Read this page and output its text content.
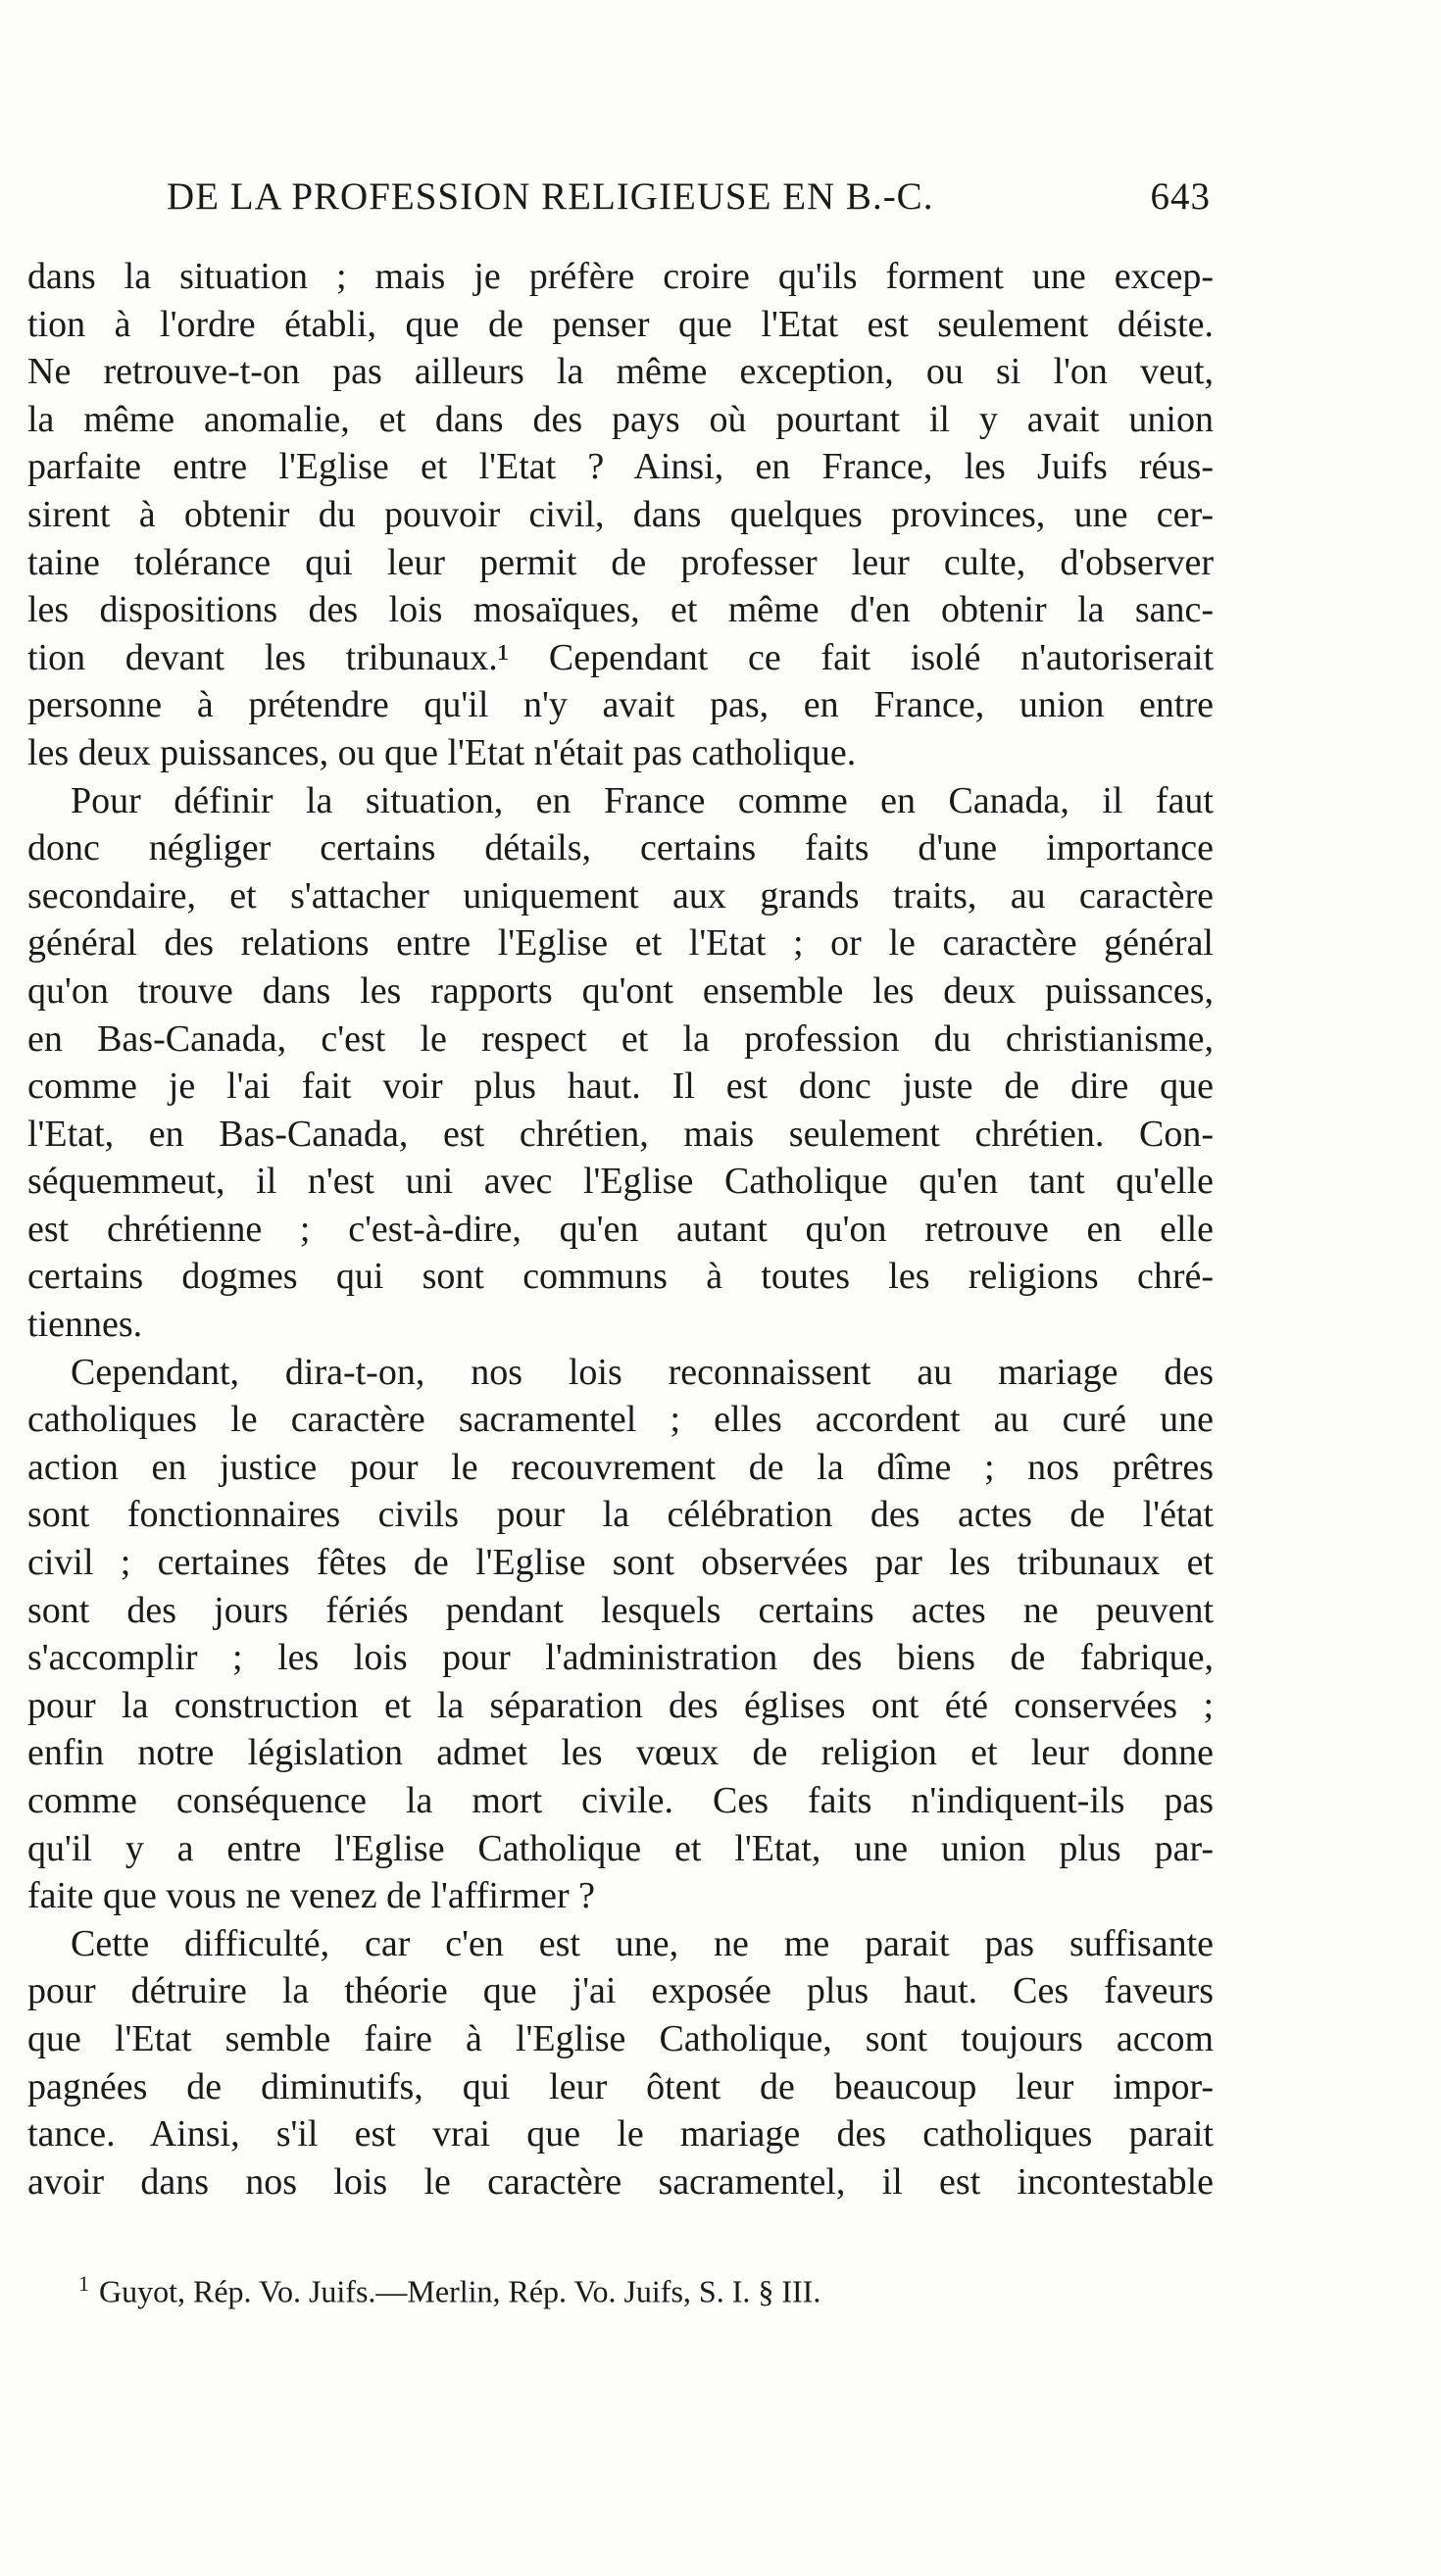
DE LA PROFESSION RELIGIEUSE EN B.-C.	643
dans la situation ; mais je préfère croire qu'ils forment une excep-
tion à l'ordre établi, que de penser que l'Etat est seulement déiste.
Ne retrouve-t-on pas ailleurs la même exception, ou si l'on veut,
la même anomalie, et dans des pays où pourtant il y avait union
parfaite entre l'Eglise et l'Etat ? Ainsi, en France, les Juifs réus-
sirent à obtenir du pouvoir civil, dans quelques provinces, une cer-
taine tolérance qui leur permit de professer leur culte, d'observer
les dispositions des lois mosaïques, et même d'en obtenir la sanc-
tion devant les tribunaux.¹ Cependant ce fait isolé n'autoriserait
personne à prétendre qu'il n'y avait pas, en France, union entre
les deux puissances, ou que l'Etat n'était pas catholique.
Pour définir la situation, en France comme en Canada, il faut
donc négliger certains détails, certains faits d'une importance
secondaire, et s'attacher uniquement aux grands traits, au caractère
général des relations entre l'Eglise et l'Etat ; or le caractère général
qu'on trouve dans les rapports qu'ont ensemble les deux puissances,
en Bas-Canada, c'est le respect et la profession du christianisme,
comme je l'ai fait voir plus haut. Il est donc juste de dire que
l'Etat, en Bas-Canada, est chrétien, mais seulement chrétien. Con-
séquemmeut, il n'est uni avec l'Eglise Catholique qu'en tant qu'elle
est chrétienne ; c'est-à-dire, qu'en autant qu'on retrouve en elle
certains dogmes qui sont communs à toutes les religions chré-
tiennes.
Cependant, dira-t-on, nos lois reconnaissent au mariage des
catholiques le caractère sacramentel ; elles accordent au curé une
action en justice pour le recouvrement de la dîme ; nos prêtres
sont fonctionnaires civils pour la célébration des actes de l'état
civil ; certaines fêtes de l'Eglise sont observées par les tribunaux et
sont des jours fériés pendant lesquels certains actes ne peuvent
s'accomplir ; les lois pour l'administration des biens de fabrique,
pour la construction et la séparation des églises ont été conservées ;
enfin notre législation admet les vœux de religion et leur donne
comme conséquence la mort civile. Ces faits n'indiquent-ils pas
qu'il y a entre l'Eglise Catholique et l'Etat, une union plus par-
faite que vous ne venez de l'affirmer ?
Cette difficulté, car c'en est une, ne me parait pas suffisante
pour détruire la théorie que j'ai exposée plus haut. Ces faveurs
que l'Etat semble faire à l'Eglise Catholique, sont toujours accom
pagnées de diminutifs, qui leur ôtent de beaucoup leur impor-
tance. Ainsi, s'il est vrai que le mariage des catholiques parait
avoir dans nos lois le caractère sacramentel, il est incontestable
$^1$ Guyot, Rép. Vo. Juifs.—Merlin, Rép. Vo. Juifs, S. I. § III.
